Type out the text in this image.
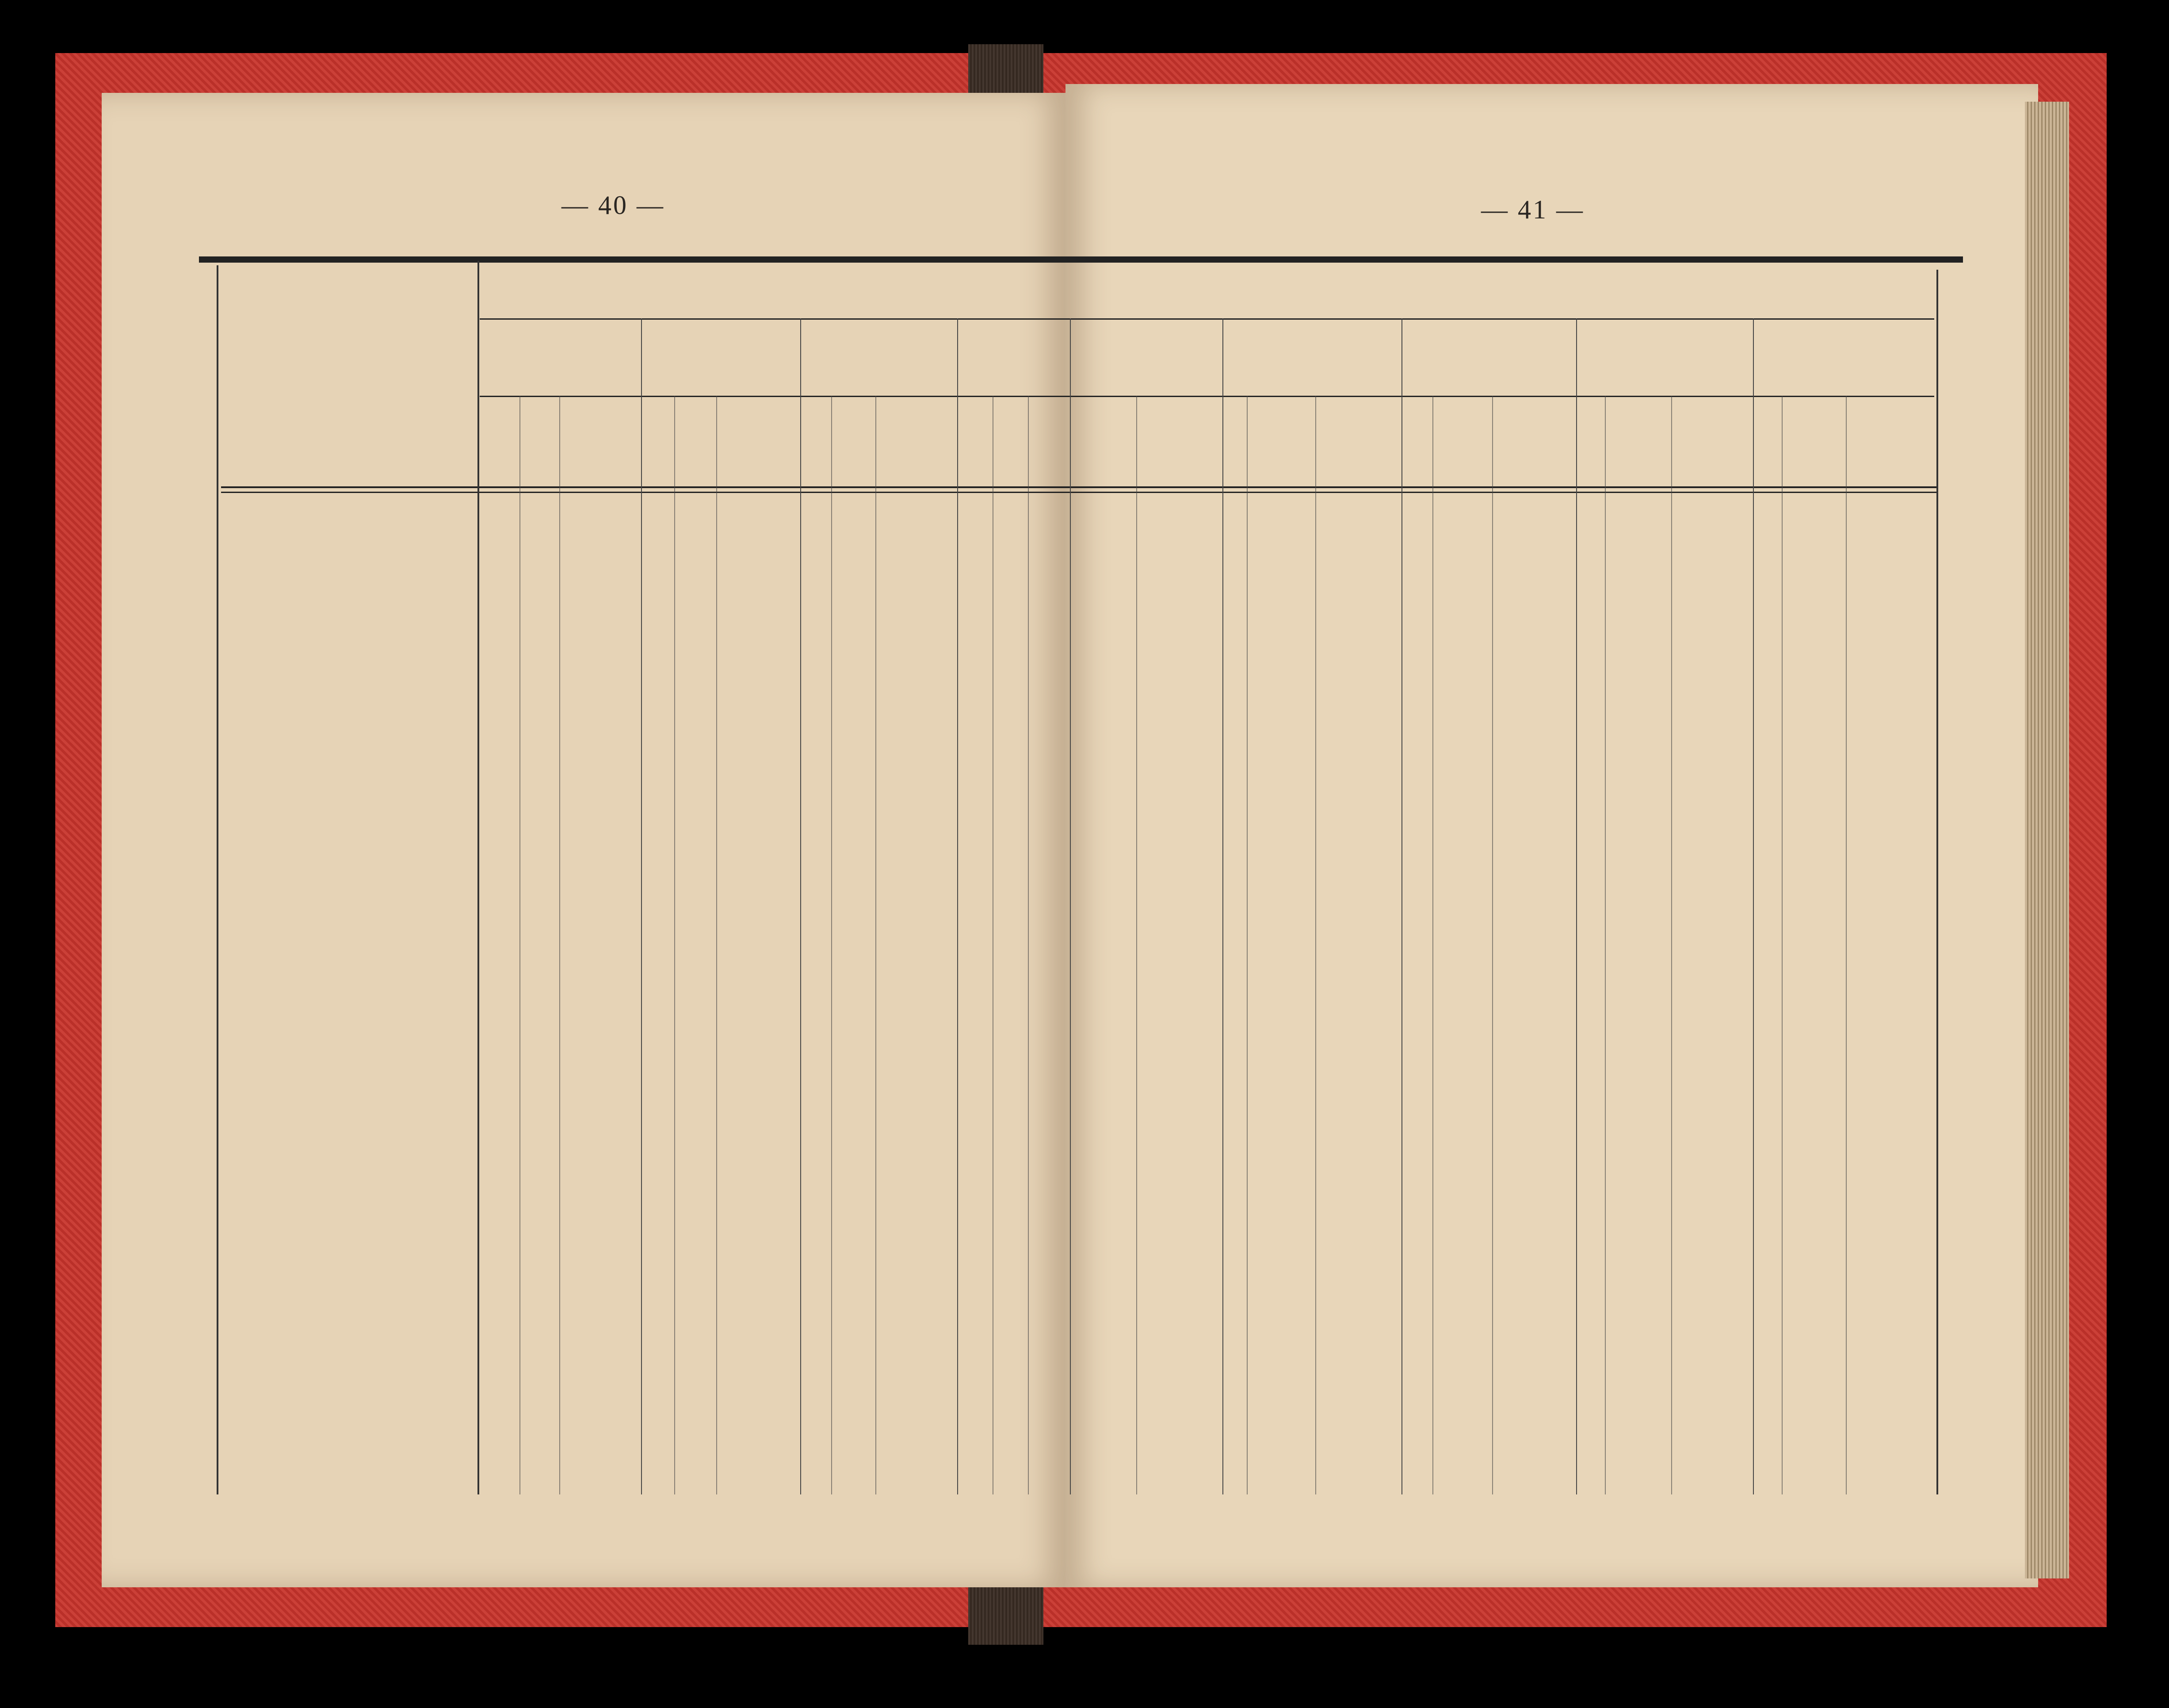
— 40 —	— 41 —
